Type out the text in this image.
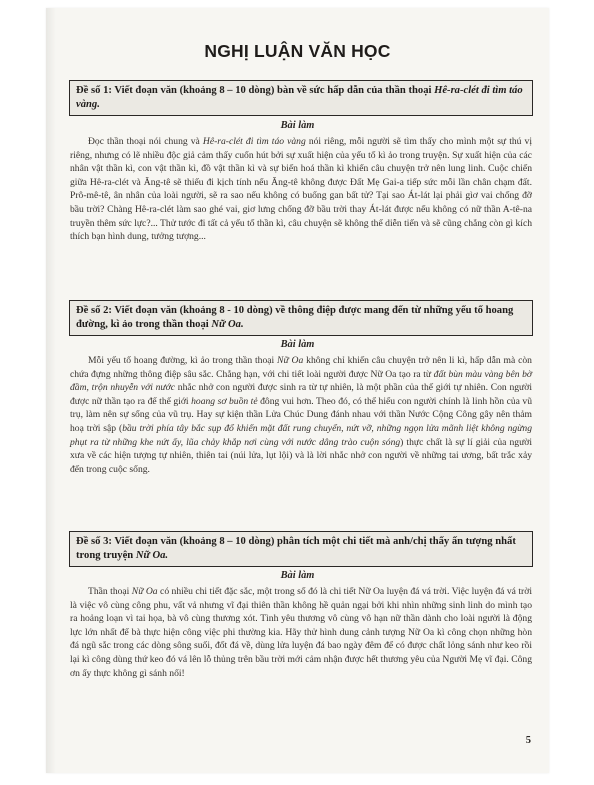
NGHỊ LUẬN VĂN HỌC
Đề số 1: Viết đoạn văn (khoảng 8 – 10 dòng) bàn về sức hấp dẫn của thần thoại Hê-ra-clét đi tìm táo vàng.
Bài làm
Đọc thần thoại nói chung và Hê-ra-clét đi tìm táo vàng nói riêng, mỗi người sẽ tìm thấy cho mình một sự thú vị riêng, nhưng có lẽ nhiều độc giả cảm thấy cuốn hút bởi sự xuất hiện của yếu tố kì ảo trong truyện. Sự xuất hiện của các nhân vật thần kì, con vật thần kì, đồ vật thần kì và sự biến hoá thần kì khiến câu chuyện trở nên lung linh. Cuộc chiến giữa Hê-ra-clét và Ăng-tê sẽ thiếu đi kịch tính nếu Ăng-tê không được Đất Mẹ Gai-a tiếp sức mỗi lần chân chạm đất. Prô-mê-tê, ân nhân của loài người, sẽ ra sao nếu không có buổng gan bất tử? Tại sao Át-lát lại phải gìơ vai chống đỡ bầu trời? Chàng Hê-ra-clét làm sao ghé vai, giơ lưng chống đỡ bầu trời thay Át-lát được nếu không có nữ thần A-tê-na truyền thêm sức lực?... Thử tước đi tất cả yếu tố thần kì, câu chuyện sẽ không thể diễn tiến và sẽ cũng chẳng còn gì kích thích bạn hình dung, tưởng tượng...
Đề số 2: Viết đoạn văn (khoảng 8 - 10 dòng) về thông điệp được mang đến từ những yếu tố hoang đường, kì ảo trong thần thoại Nữ Oa.
Bài làm
Mỗi yếu tố hoang đường, kì ảo trong thần thoại Nữ Oa không chỉ khiến câu chuyện trở nên li kì, hấp dẫn mà còn chứa đựng những thông điệp sâu sắc. Chẳng hạn, với chi tiết loài người được Nữ Oa tạo ra từ đất bùn màu vàng bên bờ đầm, trộn nhuyễn với nước nhắc nhở con người được sinh ra từ tự nhiên, là một phần của thế giới tự nhiên. Con người được nữ thần tạo ra để thế giới hoang sơ buồn tẻ đông vui hơn. Theo đó, có thể hiểu con người chính là linh hồn của vũ trụ, làm nên sự sống của vũ trụ. Hay sự kiện thần Lửa Chúc Dung đánh nhau với thần Nước Cộng Công gây nên thảm hoạ trời sập (bầu trời phía tây bắc sụp đổ khiến mặt đất rung chuyển, nứt vỡ, những ngọn lửa mãnh liệt không ngừng phụt ra từ những khe nứt ấy, lũa chảy khắp nơi cùng với nước dâng trào cuộn sóng) thực chất là sự lí giải của người xưa về các hiện tượng tự nhiên, thiên tai (núi lửa, lụt lội) và là lời nhắc nhở con người về những tai ương, bất trắc xảy đến trong cuộc sống.
Đề số 3: Viết đoạn văn (khoảng 8 – 10 dòng) phân tích một chi tiết mà anh/chị thấy ấn tượng nhất trong truyện Nữ Oa.
Bài làm
Thần thoại Nữ Oa có nhiều chi tiết đặc sắc, một trong số đó là chi tiết Nữ Oa luyện đá vá trời. Việc luyện đá vá trời là việc vô cùng công phu, vất vả nhưng vĩ đại thiên thần không hề quản ngại bởi khi nhìn những sinh linh do mình tạo ra hoảng loạn vì tai họa, bà vô cùng thương xót. Tình yêu thương vô cùng vô hạn nữ thần dành cho loài người là động lực lớn nhất để bà thực hiện công việc phi thường kia. Hãy thử hình dung cảnh tượng Nữ Oa kì công chọn những hòn đá ngũ sắc trong các dòng sông suối, đốt đá về, dùng lửa luyện đá bao ngày đêm để có được chất lỏng sánh như keo rồi lại kì công dùng thứ keo đó vá lên lỗ thủng trên bầu trời mới cảm nhận được hết thương yêu của Người Mẹ vĩ đại. Công ơn ấy thực không gì sánh nổi!
5
